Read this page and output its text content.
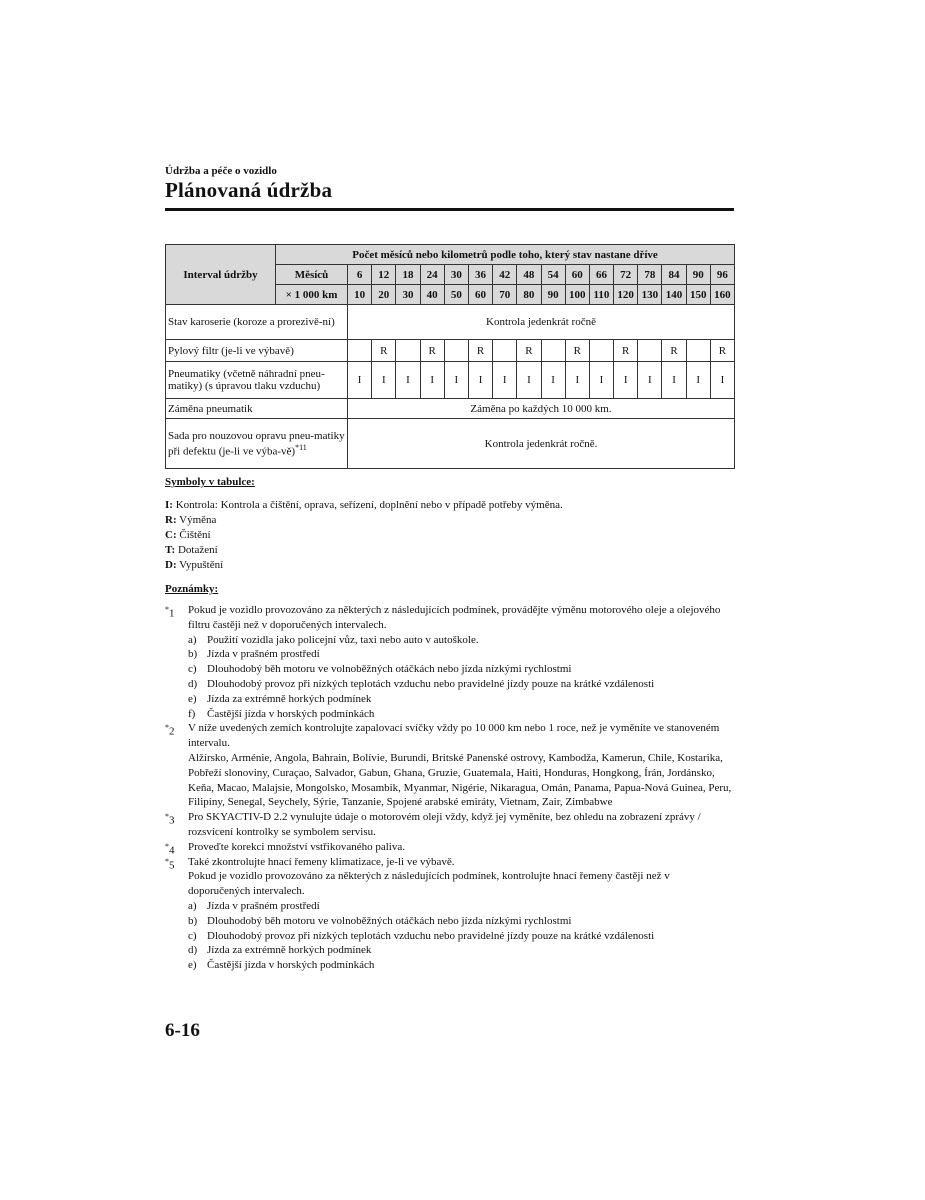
Údržba a péče o vozidlo
Plánovaná údržba
Interval údržby	Počet měsíců nebo kilometrů podle toho, který stav nastane dříve																
	Měsíců	6	12	18	24	30	36	42	48	54	60	66	72	78	84	90	96
	× 1 000 km	10	20	30	40	50	60	70	80	90	100	110	120	130	140	150	160
Stav karoserie (koroze a prorezivě-ní)		Kontrola jedenkrát ročně															
Pylový filtr (je-li ve výbavě)			R		R		R		R		R		R		R		R
Pneumatiky (včetně náhradní pneu-matiky) (s úpravou tlaku vzduchu)		I	I	I	I	I	I	I	I	I	I	I	I	I	I	I	I
Záměna pneumatik		Záměna po každých 10 000 km.															
Sada pro nouzovou opravu pneu-matiky při defektu (je-li ve výba-vě)$^{*11}$		Kontrola jedenkrát ročně.															
Symboly v tabulce:
I: Kontrola: Kontrola a čištění, oprava, seřízení, doplnění nebo v případě potřeby výměna.
R: Výměna
C: Čištění
T: Dotažení
D: Vypuštění
Poznámky:
*1 Pokud je vozidlo provozováno za některých z následujících podmínek, provádějte výměnu motorového oleje a olejového filtru častěji než v doporučených intervalech.
a) Použití vozidla jako policejní vůz, taxi nebo auto v autoškole.
b) Jízda v prašném prostředí
c) Dlouhodobý běh motoru ve volnoběžných otáčkách nebo jízda nízkými rychlostmi
d) Dlouhodobý provoz při nízkých teplotách vzduchu nebo pravidelné jízdy pouze na krátké vzdálenosti
e) Jízda za extrémně horkých podmínek
f) Častější jízda v horských podmínkách
*2 V níže uvedených zemích kontrolujte zapalovací svíčky vždy po 10 000 km nebo 1 roce, než je vyměníte ve stanoveném intervalu.
Alžírsko, Arménie, Angola, Bahrain, Bolívie, Burundi, Britské Panenské ostrovy, Kambodža, Kamerun, Chile, Kostarika, Pobřeží slonoviny, Curaçao, Salvador, Gabun, Ghana, Gruzie, Guatemala, Haiti, Honduras, Hongkong, Írán, Jordánsko, Keňa, Macao, Malajsie, Mongolsko, Mosambik, Myanmar, Nigérie, Nikaragua, Omán, Panama, Papua-Nová Guinea, Peru, Filipíny, Senegal, Seychely, Sýrie, Tanzanie, Spojené arabské emiráty, Vietnam, Zair, Zimbabwe
*3 Pro SKYACTIV-D 2.2 vynulujte údaje o motorovém oleji vždy, když jej vyměníte, bez ohledu na zobrazení zprávy / rozsvícení kontrolky se symbolem servisu.
*4 Proveďte korekci množství vstřikovaného paliva.
*5 Také zkontrolujte hnací řemeny klimatizace, je-li ve výbavě.
Pokud je vozidlo provozováno za některých z následujících podmínek, kontrolujte hnací řemeny častěji než v doporučených intervalech.
a) Jízda v prašném prostředí
b) Dlouhodobý běh motoru ve volnoběžných otáčkách nebo jízda nízkými rychlostmi
c) Dlouhodobý provoz při nízkých teplotách vzduchu nebo pravidelné jízdy pouze na krátké vzdálenosti
d) Jízda za extrémně horkých podmínek
e) Častější jízda v horských podmínkách
6-16
